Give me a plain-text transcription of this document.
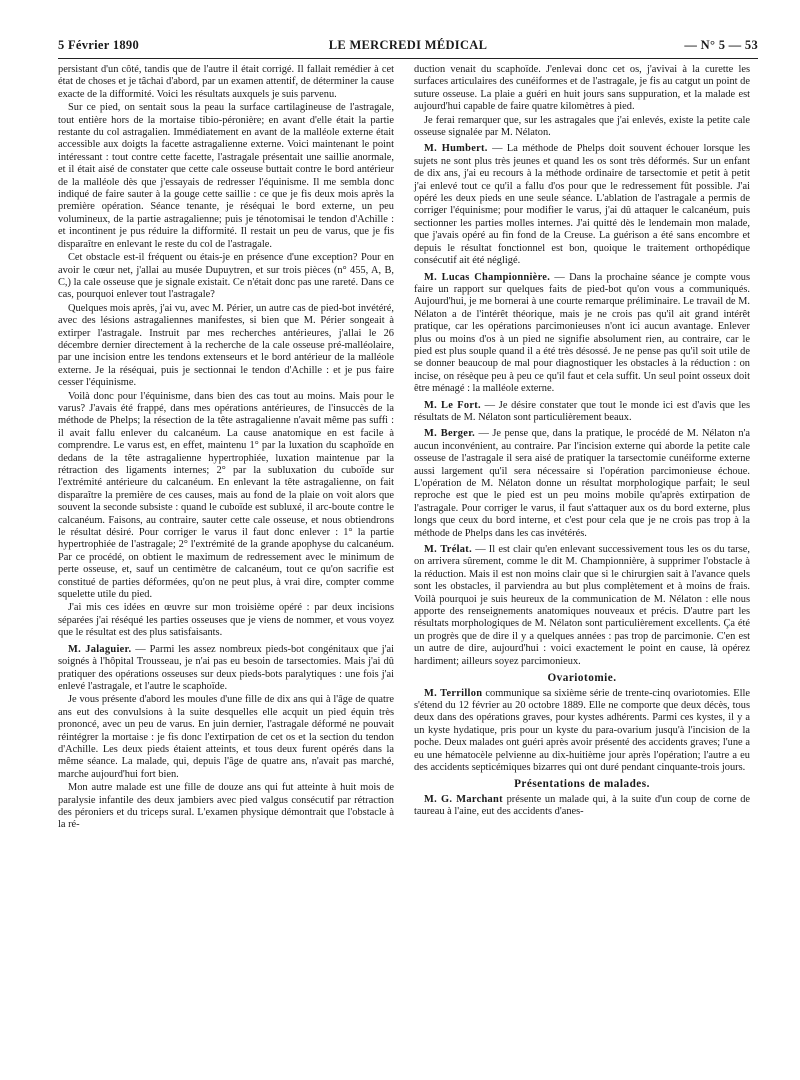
5 Février 1890	LE MERCREDI MÉDICAL	— N° 5 — 53

persistant d'un côté, tandis que de l'autre il était corrigé. Il fallait remédier à cet état de choses et je tâchai d'abord, par un examen attentif, de déterminer la cause exacte de la difformité. Voici les résultats auxquels je suis parvenu.

Sur ce pied, on sentait sous la peau la surface cartilagineuse de l'astragale, tout entière hors de la mortaise tibio-péronière; en avant d'elle était la partie restante du col astragalien. Immédiatement en avant de la malléole externe était accessible aux doigts la facette astragalienne externe. Voici maintenant le point intéressant : tout contre cette facette, l'astragale présentait une saillie anormale, et il était aisé de constater que cette cale osseuse buttait contre le bord antérieur de la malléole dès que j'essayais de redresser l'équinisme. Il me sembla donc indiqué de faire sauter à la gouge cette saillie : ce que je fis deux mois après la première opération. Séance tenante, je réséquai le bord externe, un peu volumineux, de la partie astragalienne; puis je ténotomisai le tendon d'Achille : et incontinent je pus réduire la difformité. Il restait un peu de varus, que je fis disparaître en enlevant le reste du col de l'astragale.

Cet obstacle est-il fréquent ou étais-je en présence d'une exception? Pour en avoir le cœur net, j'allai au musée Dupuytren, et sur trois pièces (n° 455, A, B, C,) la cale osseuse que je signale existait. Ce n'était donc pas une rareté. Dans ce cas, pourquoi enlever tout l'astragale?

Quelques mois après, j'ai vu, avec M. Périer, un autre cas de pied-bot invétéré, avec des lésions astragaliennes manifestes, si bien que M. Périer songeait à extirper l'astragale. Instruit par mes recherches antérieures, j'allai le 26 décembre dernier directement à la recherche de la cale osseuse pré-malléolaire, par une incision entre les tendons extenseurs et le bord antérieur de la malléole externe. Je la réséquai, puis je sectionnai le tendon d'Achille : et je pus faire cesser l'équinisme.

Voilà donc pour l'équinisme, dans bien des cas tout au moins. Mais pour le varus? J'avais été frappé, dans mes opérations antérieures, de l'insuccès de la méthode de Phelps; la résection de la tête astragalienne n'avait même pas suffi : il avait fallu enlever du calcanéum. La cause anatomique en est facile à comprendre. Le varus est, en effet, maintenu 1° par la luxation du scaphoïde en dedans de la tête astragalienne hypertrophiée, luxation maintenue par la rétraction des ligaments internes; 2° par la subluxation du cuboïde sur l'extrémité antérieure du calcanéum. En enlevant la tête astragalienne, on fait disparaître la première de ces causes, mais au fond de la plaie on voit alors que souvent la seconde subsiste : quand le cuboïde est subluxé, il arc-boute contre le calcanéum. Faisons, au contraire, sauter cette cale osseuse, et nous obtiendrons le résultat désiré. Pour corriger le varus il faut donc enlever : 1° la partie hypertrophiée de l'astragale; 2° l'extrémité de la grande apophyse du calcanéum. Par ce procédé, on obtient le maximum de redressement avec le minimum de perte osseuse, et, sauf un centimètre de calcanéum, tout ce qu'on sacrifie est constitué de parties déformées, qu'on ne peut plus, à vrai dire, compter comme squelette utile du pied.

J'ai mis ces idées en œuvre sur mon troisième opéré : par deux incisions séparées j'ai réséqué les parties osseuses que je viens de nommer, et vous voyez que le résultat est des plus satisfaisants.

M. Jalaguier. — Parmi les assez nombreux pieds-bot congénitaux que j'ai soignés à l'hôpital Trousseau, je n'ai pas eu besoin de tarsectomies. Mais j'ai dû pratiquer des opérations osseuses sur deux pieds-bots paralytiques : une fois j'ai enlevé l'astragale, et l'autre le scaphoïde.

Je vous présente d'abord les moules d'une fille de dix ans qui à l'âge de quatre ans eut des convulsions à la suite desquelles elle acquit un pied équin très prononcé, avec un peu de varus. En juin dernier, l'astragale déformé ne pouvait réintégrer la mortaise : je fis donc l'extirpation de cet os et la section du tendon d'Achille. Les deux pieds étaient atteints, et tous deux furent opérés dans la même séance. La malade, qui, depuis l'âge de quatre ans, n'avait pas marché, marche aujourd'hui fort bien.

Mon autre malade est une fille de douze ans qui fut atteinte à huit mois de paralysie infantile des deux jambiers avec pied valgus consécutif par rétraction des péroniers et du triceps sural. L'examen physique démontrait que l'obstacle à la ré-

duction venait du scaphoïde. J'enlevai donc cet os, j'avivai à la curette les surfaces articulaires des cunéiformes et de l'astragale, je fis au catgut un point de suture osseuse. La plaie a guéri en huit jours sans suppuration, et la malade est aujourd'hui capable de faire quatre kilomètres à pied.

Je ferai remarquer que, sur les astragales que j'ai enlevés, existe la petite cale osseuse signalée par M. Nélaton.

M. Humbert. — La méthode de Phelps doit souvent échouer lorsque les sujets ne sont plus très jeunes et quand les os sont très déformés. Sur un enfant de dix ans, j'ai eu recours à la méthode ordinaire de tarsectomie et petit à petit j'ai enlevé tout ce qu'il a fallu d'os pour que le redressement fût possible. J'ai opéré les deux pieds en une seule séance. L'ablation de l'astragale a permis de corriger l'équinisme; pour modifier le varus, j'ai dû attaquer le calcanéum, puis sectionner les parties molles internes. J'ai quitté dès le lendemain mon malade, que j'avais opéré au fin fond de la Creuse. La guérison a été sans encombre et depuis le résultat fonctionnel est bon, quoique le traitement orthopédique consécutif ait été négligé.

M. Lucas Championnière. — Dans la prochaine séance je compte vous faire un rapport sur quelques faits de pied-bot qu'on vous a communiqués. Aujourd'hui, je me bornerai à une courte remarque préliminaire. Le travail de M. Nélaton a de l'intérêt théorique, mais je ne crois pas qu'il ait grand intérêt pratique, car les opérations parcimonieuses n'ont ici aucun avantage. Enlever plus ou moins d'os à un pied ne signifie absolument rien, au contraire, car le pied est plus souple quand il a été très désossé. Je ne pense pas qu'il soit utile de se donner beaucoup de mal pour diagnostiquer les obstacles à la réduction : on incise, on résèque peu à peu ce qu'il faut et cela suffit. Un seul point osseux doit être ménagé : la malléole externe.

M. Le Fort. — Je désire constater que tout le monde ici est d'avis que les résultats de M. Nélaton sont particulièrement beaux.

M. Berger. — Je pense que, dans la pratique, le procédé de M. Nélaton n'a aucun inconvénient, au contraire. Par l'incision externe qui aborde la petite cale osseuse de l'astragale il sera aisé de pratiquer la tarsectomie cunéiforme externe aussi largement qu'il sera nécessaire si l'opération parcimonieuse échoue. L'opération de M. Nélaton donne un résultat morphologique parfait; le seul reproche est que le pied est un peu moins mobile qu'après extirpation de l'astragale. Pour corriger le varus, il faut s'attaquer aux os du bord externe, plus longs que ceux du bord interne, et c'est pour cela que je ne crois pas trop à la méthode de Phelps dans les cas invétérés.

M. Trélat. — Il est clair qu'en enlevant successivement tous les os du tarse, on arrivera sûrement, comme le dit M. Championnière, à supprimer l'obstacle à la réduction. Mais il est non moins clair que si le chirurgien sait à l'avance quels sont les obstacles, il parviendra au but plus complètement et à moins de frais. Voilà pourquoi je suis heureux de la communication de M. Nélaton : elle nous apporte des renseignements anatomiques nouveaux et précis. D'autre part les résultats morphologiques de M. Nélaton sont particulièrement excellents. Ça été un progrès que de dire il y a quelques années : pas trop de parcimonie. C'en est un autre de dire, aujourd'hui : voici exactement le point en cause, là opérez hardiment; ailleurs soyez parcimonieux.

Ovariotomie.

M. Terrillon communique sa sixième série de trente-cinq ovariotomies. Elle s'étend du 12 février au 20 octobre 1889. Elle ne comporte que deux décès, tous deux dans des opérations graves, pour kystes adhérents. Parmi ces kystes, il y a un kyste hydatique, pris pour un kyste du para-ovarium jusqu'à l'incision de la poche. Deux malades ont guéri après avoir présenté des accidents graves; l'une a eu une hématocèle pelvienne au dix-huitième jour après l'opération; l'autre a eu des accidents septicémiques bizarres qui ont duré pendant cinquante-trois jours.

Présentations de malades.

M. G. Marchant présente un malade qui, à la suite d'un coup de corne de taureau à l'aine, eut des accidents d'anes-
